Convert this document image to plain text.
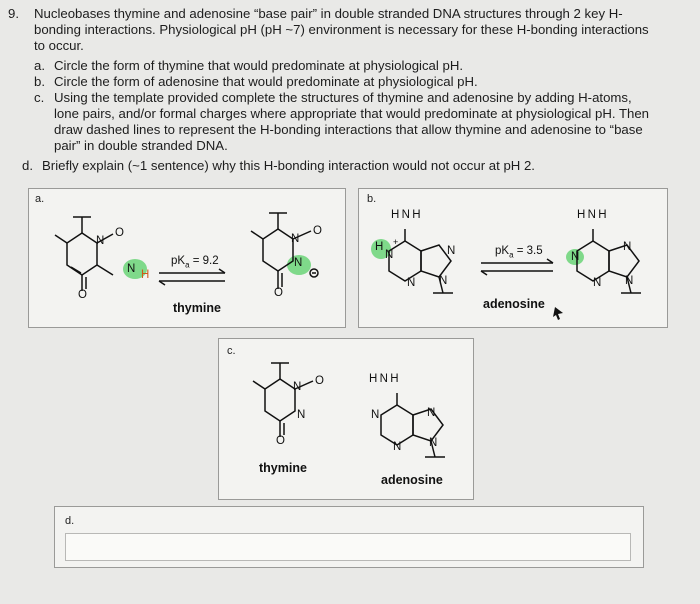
9. Nucleobases thymine and adenosine “base pair” in double stranded DNA structures through 2 key H-
bonding interactions. Physiological pH (pH ~7) environment is necessary for these H-bonding interactions
to occur.
a. Circle the form of thymine that would predominate at physiological pH.
b. Circle the form of adenosine that would predominate at physiological pH.
c. Using the template provided complete the structures of thymine and adenosine by adding H-atoms,
lone pairs, and/or formal charges where appropriate that would predominate at physiological pH. Then
draw dashed lines to represent the H-bonding interactions that allow thymine and adenosine to “base
pair” in double stranded DNA.
d. Briefly explain (~1 sentence) why this H-bonding interaction would not occur at pH 2.
a.
N
O
N H
O
$pK_a = 9.2$
thymine
N
O
N
O
b.
H N H
H
N
+
N
N N
$pK_a = 3.5$
adenosine
H N H
N
N
N N
c.
N O
N
O
thymine
H N H
N	N
N N
adenosine
d.
